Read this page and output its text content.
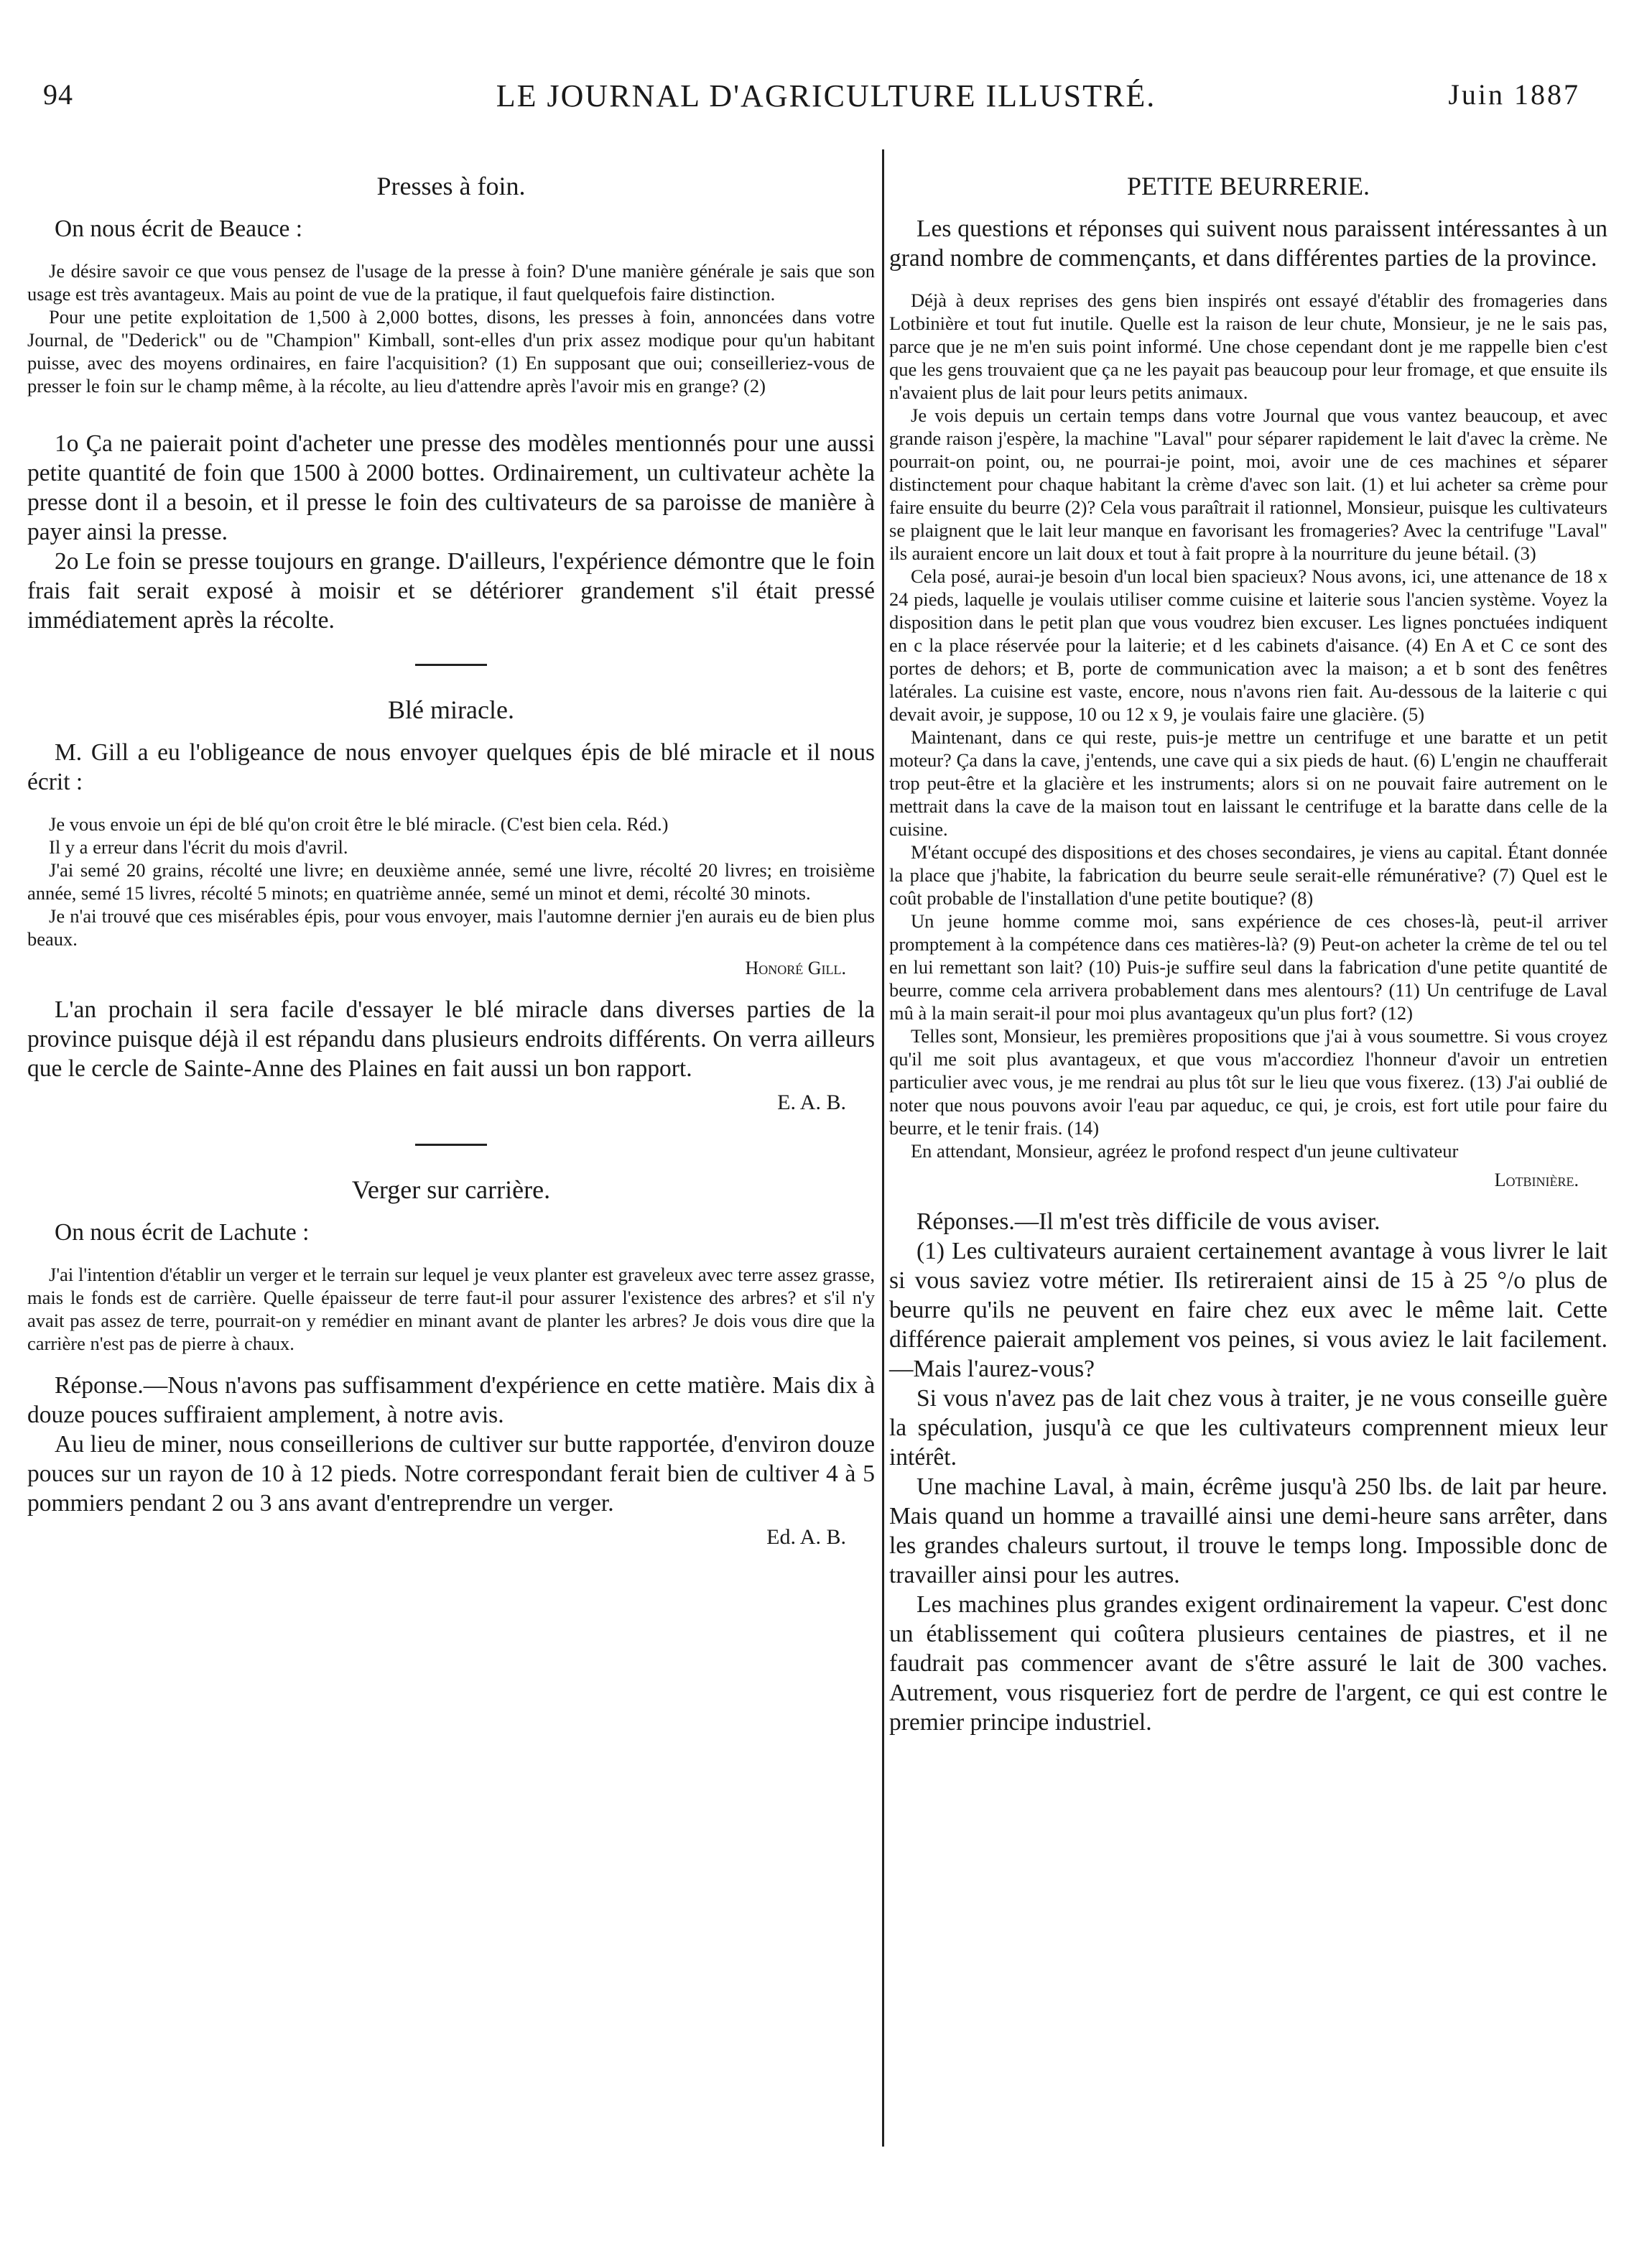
94	LE JOURNAL D'AGRICULTURE ILLUSTRÉ.	Juin 1887
Presses à foin.

On nous écrit de Beauce :

Je désire savoir ce que vous pensez de l'usage de la presse à foin? D'une manière générale je sais que son usage est très avantageux. Mais au point de vue de la pratique, il faut quelquefois faire distinction.

Pour une petite exploitation de 1,500 à 2,000 bottes, disons, les presses à foin, annoncées dans votre Journal, de "Dederick" ou de "Champion" Kimball, sont-elles d'un prix assez modique pour qu'un habitant puisse, avec des moyens ordinaires, en faire l'acquisition? (1) En supposant que oui; conseilleriez-vous de presser le foin sur le champ même, à la récolte, au lieu d'attendre après l'avoir mis en grange? (2)

1o Ça ne paierait point d'acheter une presse des modèles mentionnés pour une aussi petite quantité de foin que 1500 à 2000 bottes. Ordinairement, un cultivateur achète la presse dont il a besoin, et il presse le foin des cultivateurs de sa paroisse de manière à payer ainsi la presse.

2o Le foin se presse toujours en grange. D'ailleurs, l'expérience démontre que le foin frais fait serait exposé à moisir et se détériorer grandement s'il était pressé immédiatement après la récolte.

Blé miracle.

M. Gill a eu l'obligeance de nous envoyer quelques épis de blé miracle et il nous écrit :

Je vous envoie un épi de blé qu'on croit être le blé miracle. (C'est bien cela. Réd.)

Il y a erreur dans l'écrit du mois d'avril.

J'ai semé 20 grains, récolté une livre; en deuxième année, semé une livre, récolté 20 livres; en troisième année, semé 15 livres, récolté 5 minots; en quatrième année, semé un minot et demi, récolté 30 minots.

Je n'ai trouvé que ces misérables épis, pour vous envoyer, mais l'automne dernier j'en aurais eu de bien plus beaux.

Honoré Gill.

L'an prochain il sera facile d'essayer le blé miracle dans diverses parties de la province puisque déjà il est répandu dans plusieurs endroits différents. On verra ailleurs que le cercle de Sainte-Anne des Plaines en fait aussi un bon rapport.

E. A. B.
Verger sur carrière.

On nous écrit de Lachute :

J'ai l'intention d'établir un verger et le terrain sur lequel je veux planter est graveleux avec terre assez grasse, mais le fonds est de carrière. Quelle épaisseur de terre faut-il pour assurer l'existence des arbres? et s'il n'y avait pas assez de terre, pourrait-on y remédier en minant avant de planter les arbres? Je dois vous dire que la carrière n'est pas de pierre à chaux.

Réponse.—Nous n'avons pas suffisamment d'expérience en cette matière. Mais dix à douze pouces suffiraient amplement, à notre avis.

Au lieu de miner, nous conseillerions de cultiver sur butte rapportée, d'environ douze pouces sur un rayon de 10 à 12 pieds. Notre correspondant ferait bien de cultiver 4 à 5 pommiers pendant 2 ou 3 ans avant d'entreprendre un verger.

Ed. A. B.
PETITE BEURRERIE.

Les questions et réponses qui suivent nous paraissent intéressantes à un grand nombre de commençants, et dans différentes parties de la province.

Déjà à deux reprises des gens bien inspirés ont essayé d'établir des fromageries dans Lotbinière et tout fut inutile. Quelle est la raison de leur chute, Monsieur, je ne le sais pas, parce que je ne m'en suis point informé. Une chose cependant dont je me rappelle bien c'est que les gens trouvaient que ça ne les payait pas beaucoup pour leur fromage, et que ensuite ils n'avaient plus de lait pour leurs petits animaux.

Je vois depuis un certain temps dans votre Journal que vous vantez beaucoup, et avec grande raison j'espère, la machine "Laval" pour séparer rapidement le lait d'avec la crème. Ne pourrait-on point, ou, ne pourrai-je point, moi, avoir une de ces machines et séparer distinctement pour chaque habitant la crème d'avec son lait. (1) et lui acheter sa crème pour faire ensuite du beurre (2)? Cela vous paraîtrait il rationnel, Monsieur, puisque les cultivateurs se plaignent que le lait leur manque en favorisant les fromageries? Avec la centrifuge "Laval" ils auraient encore un lait doux et tout à fait propre à la nourriture du jeune bétail. (3)

Cela posé, aurai-je besoin d'un local bien spacieux? Nous avons, ici, une attenance de 18 x 24 pieds, laquelle je voulais utiliser comme cuisine et laiterie sous l'ancien système. Voyez la disposition dans le petit plan que vous voudrez bien excuser. Les lignes ponctuées indiquent en c la place réservée pour la laiterie; et d les cabinets d'aisance. (4) En A et C ce sont des portes de dehors; et B, porte de communication avec la maison; a et b sont des fenêtres latérales. La cuisine est vaste, encore, nous n'avons rien fait. Au-dessous de la laiterie c qui devait avoir, je suppose, 10 ou 12 x 9, je voulais faire une glacière. (5)

Maintenant, dans ce qui reste, puis-je mettre un centrifuge et une baratte et un petit moteur? Ça dans la cave, j'entends, une cave qui a six pieds de haut. (6) L'engin ne chaufferait trop peut-être et la glacière et les instruments; alors si on ne pouvait faire autrement on le mettrait dans la cave de la maison tout en laissant le centrifuge et la baratte dans celle de la cuisine.

M'étant occupé des dispositions et des choses secondaires, je viens au capital. Étant donnée la place que j'habite, la fabrication du beurre seule serait-elle rémunérative? (7) Quel est le coût probable de l'installation d'une petite boutique? (8)

Un jeune homme comme moi, sans expérience de ces choses-là, peut-il arriver promptement à la compétence dans ces matières-là? (9) Peut-on acheter la crème de tel ou tel en lui remettant son lait? (10) Puis-je suffire seul dans la fabrication d'une petite quantité de beurre, comme cela arrivera probablement dans mes alentours? (11) Un centrifuge de Laval mû à la main serait-il pour moi plus avantageux qu'un plus fort? (12)

Telles sont, Monsieur, les premières propositions que j'ai à vous soumettre. Si vous croyez qu'il me soit plus avantageux, et que vous m'accordiez l'honneur d'avoir un entretien particulier avec vous, je me rendrai au plus tôt sur le lieu que vous fixerez. (13) J'ai oublié de noter que nous pouvons avoir l'eau par aqueduc, ce qui, je crois, est fort utile pour faire du beurre, et le tenir frais. (14)

En attendant, Monsieur, agréez le profond respect d'un jeune cultivateur

Lotbinière.

Réponses.—Il m'est très difficile de vous aviser.

(1) Les cultivateurs auraient certainement avantage à vous livrer le lait si vous saviez votre métier. Ils retireraient ainsi de 15 à 25 °/o plus de beurre qu'ils ne peuvent en faire chez eux avec le même lait. Cette différence paierait amplement vos peines, si vous aviez le lait facilement.—Mais l'aurez-vous?

Si vous n'avez pas de lait chez vous à traiter, je ne vous conseille guère la spéculation, jusqu'à ce que les cultivateurs comprennent mieux leur intérêt.

Une machine Laval, à main, écrême jusqu'à 250 lbs. de lait par heure. Mais quand un homme a travaillé ainsi une demi-heure sans arrêter, dans les grandes chaleurs surtout, il trouve le temps long. Impossible donc de travailler ainsi pour les autres.

Les machines plus grandes exigent ordinairement la vapeur. C'est donc un établissement qui coûtera plusieurs centaines de piastres, et il ne faudrait pas commencer avant de s'être assuré le lait de 300 vaches. Autrement, vous risqueriez fort de perdre de l'argent, ce qui est contre le premier principe industriel.
